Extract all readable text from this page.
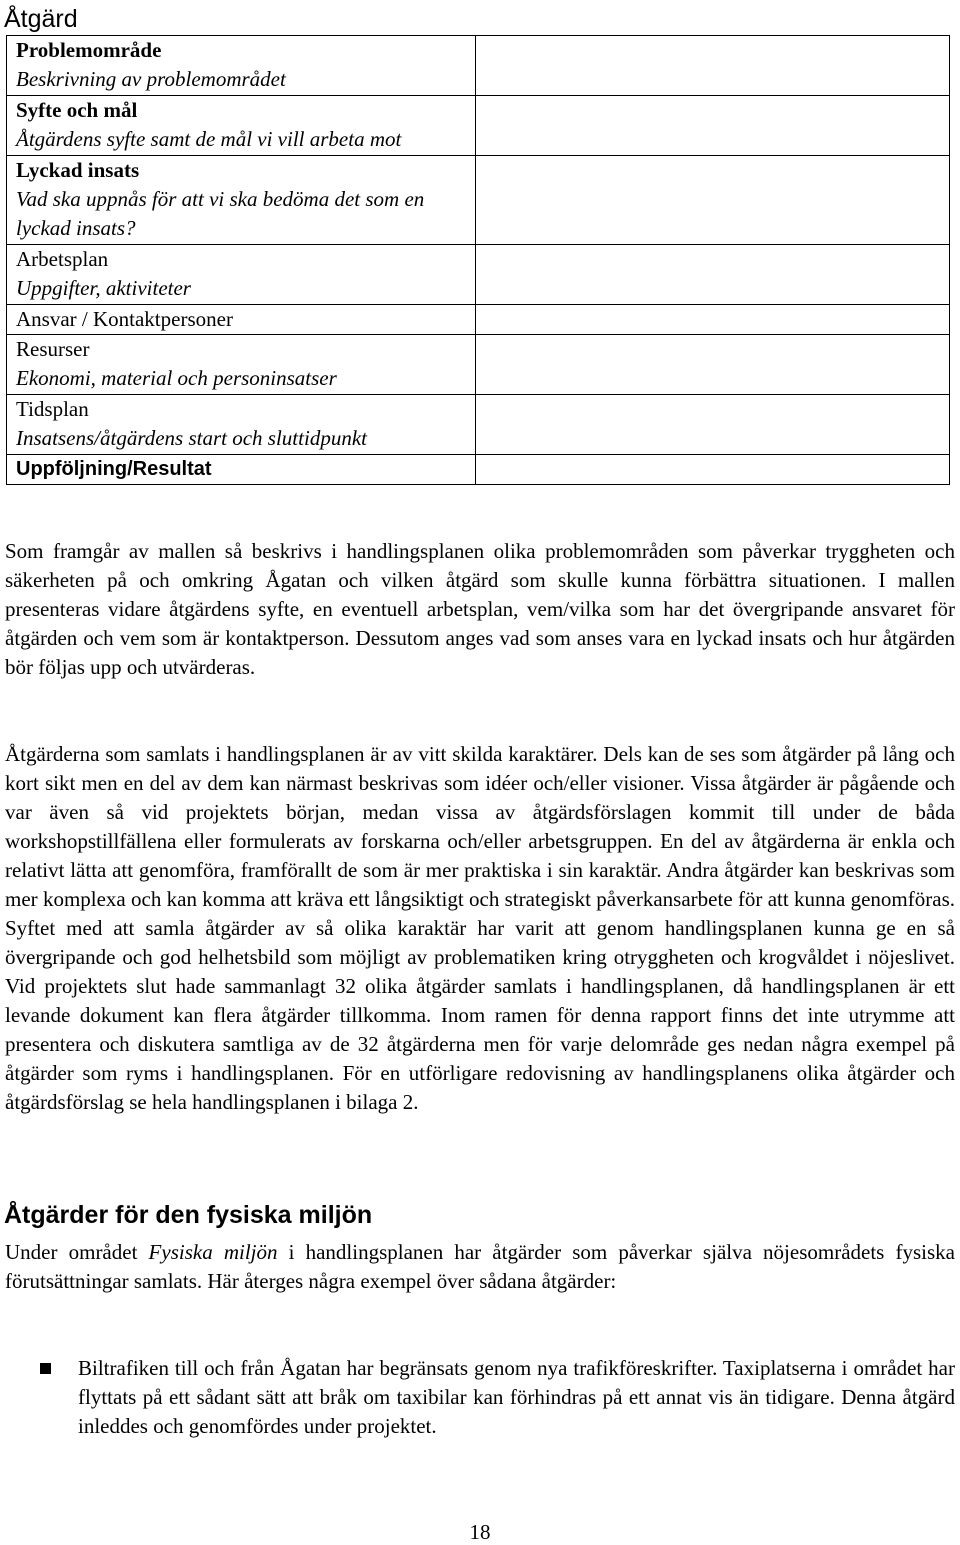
Åtgärd
Problemområde
Beskrivning av problemområdet	

Syfte och mål
Åtgärdens syfte samt de mål vi vill arbeta mot	

Lyckad insats
Vad ska uppnås för att vi ska bedöma det som en lyckad insats?	

Arbetsplan
Uppgifter, aktiviteter	

Ansvar / Kontaktpersoner	

Resurser
Ekonomi, material och personinsatser	

Tidsplan
Insatsens/åtgärdens start och sluttidpunkt	

Uppföljning/Resultat	

Som framgår av mallen så beskrivs i handlingsplanen olika problemområden som påverkar tryggheten och säkerheten på och omkring Ågatan och vilken åtgärd som skulle kunna förbättra situationen. I mallen presenteras vidare åtgärdens syfte, en eventuell arbetsplan, vem/vilka som har det övergripande ansvaret för åtgärden och vem som är kontaktperson. Dessutom anges vad som anses vara en lyckad insats och hur åtgärden bör följas upp och utvärderas.

Åtgärderna som samlats i handlingsplanen är av vitt skilda karaktärer. Dels kan de ses som åtgärder på lång och kort sikt men en del av dem kan närmast beskrivas som idéer och/eller visioner. Vissa åtgärder är pågående och var även så vid projektets början, medan vissa av åtgärdsförslagen kommit till under de båda workshopstillfällena eller formulerats av forskarna och/eller arbetsgruppen. En del av åtgärderna är enkla och relativt lätta att genomföra, framförallt de som är mer praktiska i sin karaktär. Andra åtgärder kan beskrivas som mer komplexa och kan komma att kräva ett långsiktigt och strategiskt påverkansarbete för att kunna genomföras. Syftet med att samla åtgärder av så olika karaktär har varit att genom handlingsplanen kunna ge en så övergripande och god helhetsbild som möjligt av problematiken kring otryggheten och krogvåldet i nöjeslivet. Vid projektets slut hade sammanlagt 32 olika åtgärder samlats i handlingsplanen, då handlingsplanen är ett levande dokument kan flera åtgärder tillkomma. Inom ramen för denna rapport finns det inte utrymme att presentera och diskutera samtliga av de 32 åtgärderna men för varje delområde ges nedan några exempel på åtgärder som ryms i handlingsplanen. För en utförligare redovisning av handlingsplanens olika åtgärder och åtgärdsförslag se hela handlingsplanen i bilaga 2.

Åtgärder för den fysiska miljön

Under området Fysiska miljön i handlingsplanen har åtgärder som påverkar själva nöjesområdets fysiska förutsättningar samlats. Här återges några exempel över sådana åtgärder:

Biltrafiken till och från Ågatan har begränsats genom nya trafikföreskrifter. Taxiplatserna i området har flyttats på ett sådant sätt att bråk om taxibilar kan förhindras på ett annat vis än tidigare. Denna åtgärd inleddes och genomfördes under projektet.
18
